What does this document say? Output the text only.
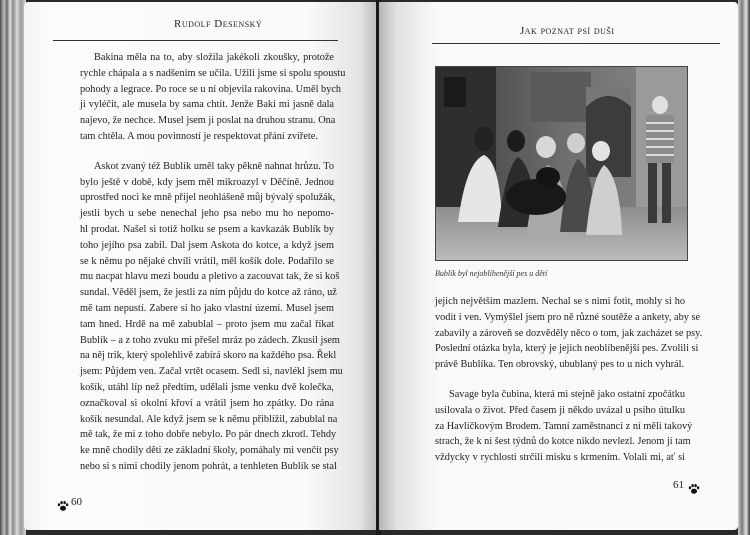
Rudolf Desenský

Bakina měla na to, aby složila jakékoli zkoušky, protože

rychle chápala a s nadšením se učila. Užili jsme si spolu spoustu

pohody a legrace. Po roce se u ní objevila rakovina. Uměl bych

ji vyléčit, ale musela by sama chtít. Jenže Baki mi jasně dala

najevo, že nechce. Musel jsem ji poslat na druhou stranu. Ona

tam chtěla. A mou povinností je respektovat přání zvířete.

Askot zvaný též Bublík uměl taky pěkně nahnat hrůzu. To

bylo ještě v době, kdy jsem měl mikroazyl v Děčíně. Jednou

uprostřed noci ke mně přijel neohlášeně můj bývalý spolužák,

jestli bych u sebe nenechal jeho psa nebo mu ho nepomo-

hl prodat. Našel si totiž holku se psem a kavkazák Bublík by

toho jejího psa zabil. Dal jsem Askota do kotce, a když jsem

se k němu po nějaké chvíli vrátil, měl košík dole. Podařilo se

mu nacpat hlavu mezi boudu a pletivo a zacouvat tak, že si koš

sundal. Věděl jsem, že jestli za ním půjdu do kotce až ráno, už

mě tam nepustí. Zabere si ho jako vlastní území. Musel jsem

tam hned. Hrdě na mě zabublal – proto jsem mu začal říkat

Bublík – a z toho zvuku mi přešel mráz po zádech. Zkusil jsem

na něj trik, který spolehlivě zabírá skoro na každého psa. Řekl

jsem: Půjdem ven. Začal vrtět ocasem. Sedl si, navlékl jsem mu

košík, utáhl líp než předtím, udělali jsme venku dvě kolečka,

označkoval si okolní křoví a vrátil jsem ho zpátky. Do rána

košík nesundal. Ale když jsem se k němu přiblížil, zabublal na

mě tak, že mi z toho dobře nebylo. Po pár dnech zkrotl. Tehdy

ke mně chodily děti ze základní školy, pomáhaly mi venčit psy

nebo si s nimi chodily jenom pohrát, a tenhleten Bublík se stal

60
Jak poznat psí duši
Bublík byl nejoblíbenější pes u dětí

jejich největším mazlem. Nechal se s nimi fotit, mohly si ho

vodit i ven. Vymýšlel jsem pro ně různé soutěže a ankety, aby se

zabavily a zároveň se dozvěděly něco o tom, jak zacházet se psy.

Poslední otázka byla, který je jejich neoblíbenější pes. Zvolili si

právě Bublíka. Ten obrovský, ubublaný pes to u nich vyhrál.

Savage byla čubina, která mi stejně jako ostatní zpočátku

usilovala o život. Před časem ji někdo uvázal u psího útulku

za Havlíčkovým Brodem. Tamní zaměstnanci z ní měli takový

strach, že k ní šest týdnů do kotce nikdo nevlezl. Jenom jí tam

vždycky v rychlosti strčili misku s krmením. Volali mi, ať si

61
